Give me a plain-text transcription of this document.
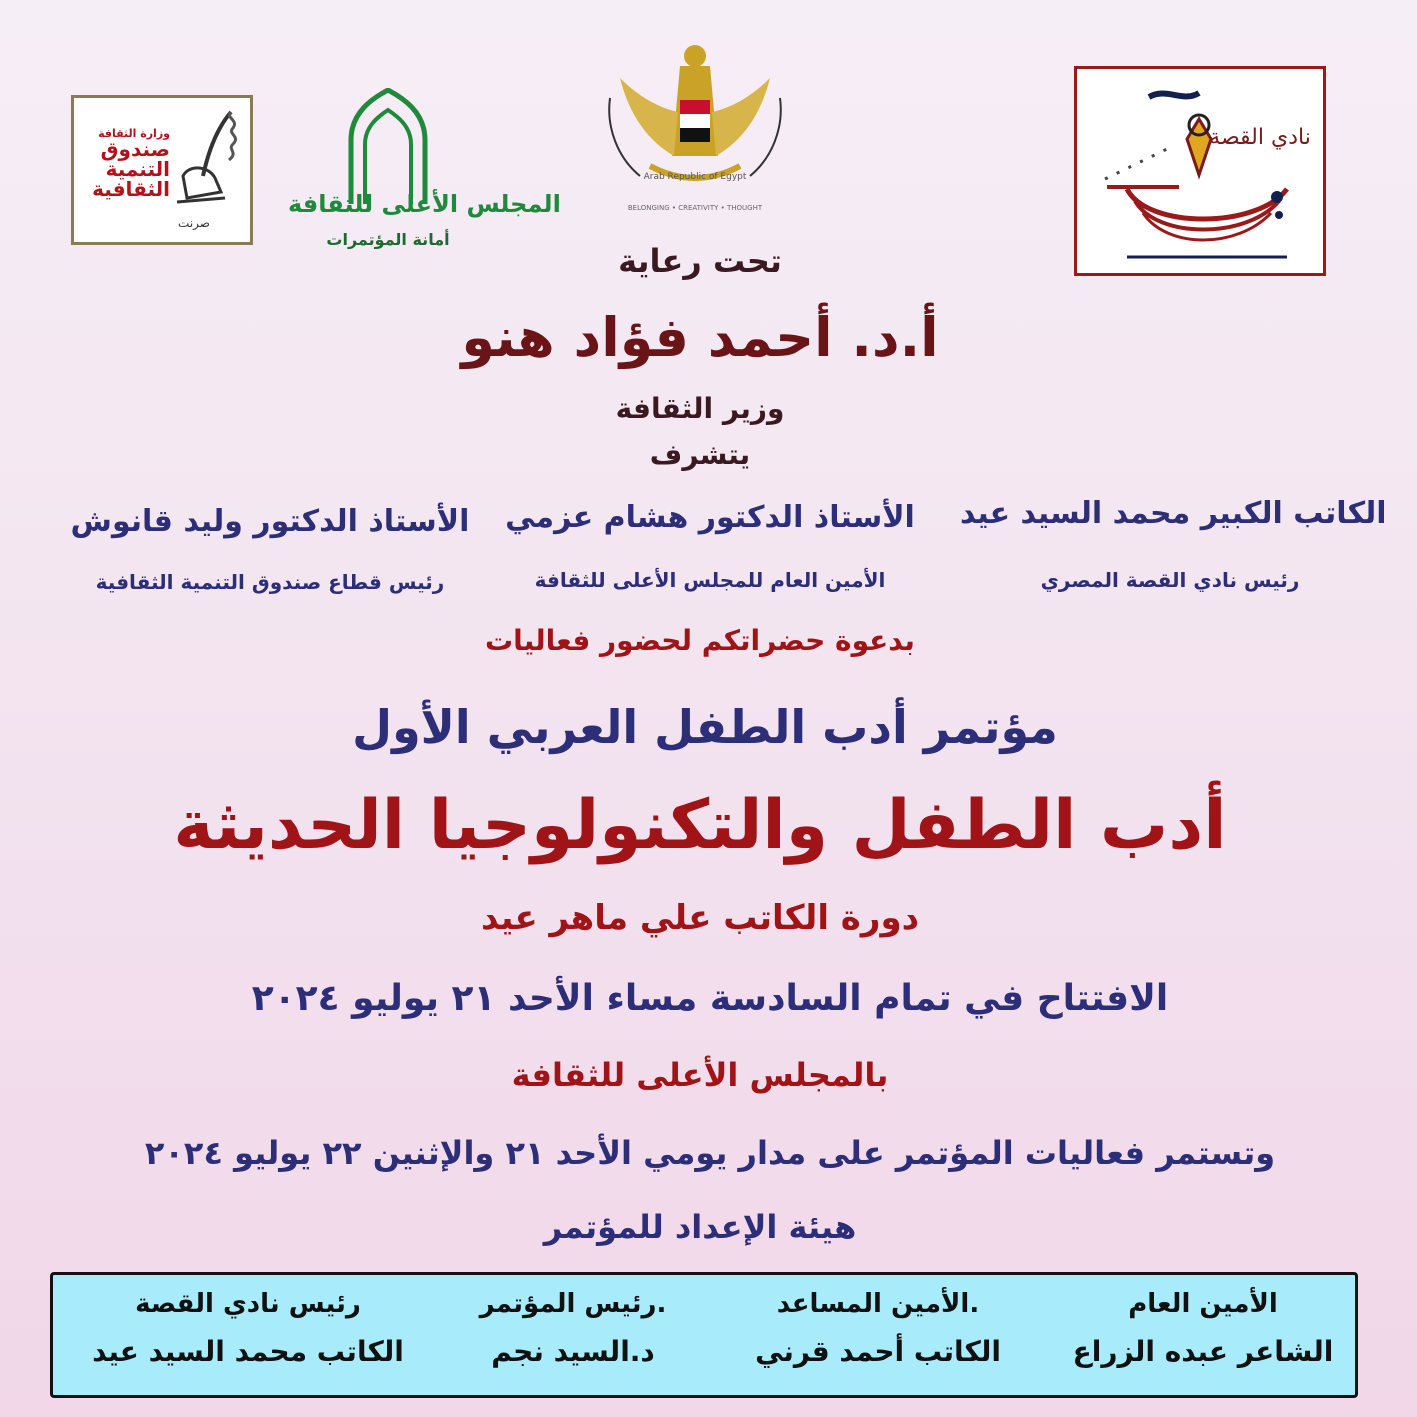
وزارة الثقافة
صندوق
التنمية
الثقافية
صرنت
المجلس الأعلى للثقافة
أمانة المؤتمرات
Arab Republic of Egypt
BELONGING • CREATIVITY • THOUGHT
نادي القصة
تحت رعاية
أ.د. أحمد فؤاد هنو
وزير الثقافة
يتشرف
الكاتب الكبير محمد السيد عيد
رئيس نادي القصة المصري
الأستاذ الدكتور هشام عزمي
الأمين العام للمجلس الأعلى للثقافة
الأستاذ الدكتور وليد قانوش
رئيس قطاع صندوق التنمية الثقافية
بدعوة حضراتكم لحضور فعاليات
مؤتمر أدب الطفل العربي الأول
أدب الطفل والتكنولوجيا الحديثة
دورة الكاتب علي ماهر عيد
الافتتاح في تمام السادسة مساء الأحد ٢١ يوليو ٢٠٢٤
بالمجلس الأعلى للثقافة
وتستمر فعاليات المؤتمر على مدار يومي الأحد ٢١ والإثنين ٢٢ يوليو ٢٠٢٤
هيئة الإعداد للمؤتمر
الأمين العام
الشاعر عبده الزراع
الأمين المساعد.
الكاتب أحمد قرني
رئيس المؤتمر.
د.السيد نجم
رئيس نادي القصة
الكاتب محمد السيد عيد
